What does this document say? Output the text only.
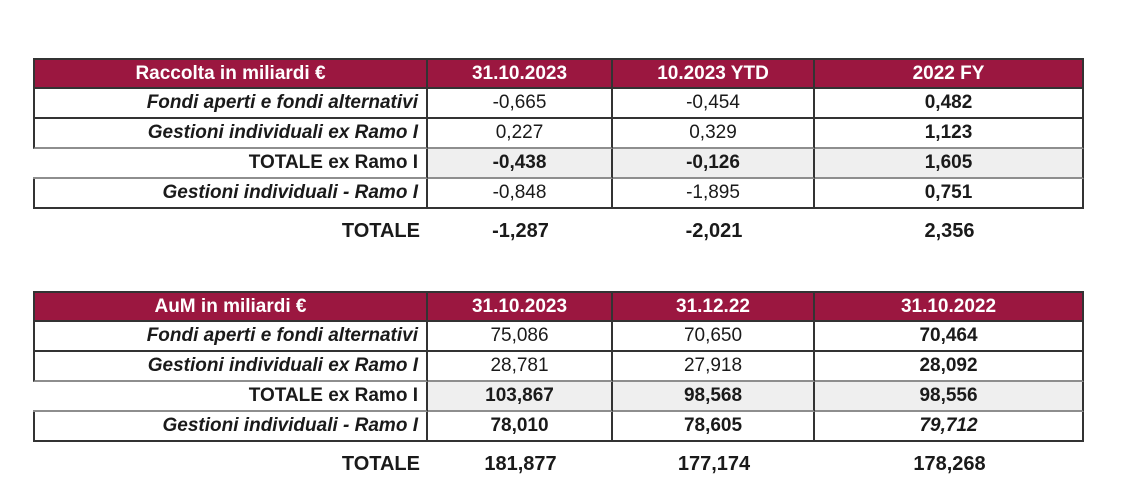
Raccolta in miliardi €	31.10.2023	10.2023 YTD	2022 FY
Fondi aperti e fondi alternativi	-0,665	-0,454	0,482
Gestioni individuali ex Ramo I	0,227	0,329	1,123
TOTALE ex Ramo I	-0,438	-0,126	1,605
Gestioni individuali - Ramo I	-0,848	-1,895	0,751
TOTALE	-1,287	-2,021	2,356
AuM in miliardi €	31.10.2023	31.12.22	31.10.2022
Fondi aperti e fondi alternativi	75,086	70,650	70,464
Gestioni individuali ex Ramo I	28,781	27,918	28,092
TOTALE ex Ramo I	103,867	98,568	98,556
Gestioni individuali - Ramo I	78,010	78,605	79,712
TOTALE	181,877	177,174	178,268
